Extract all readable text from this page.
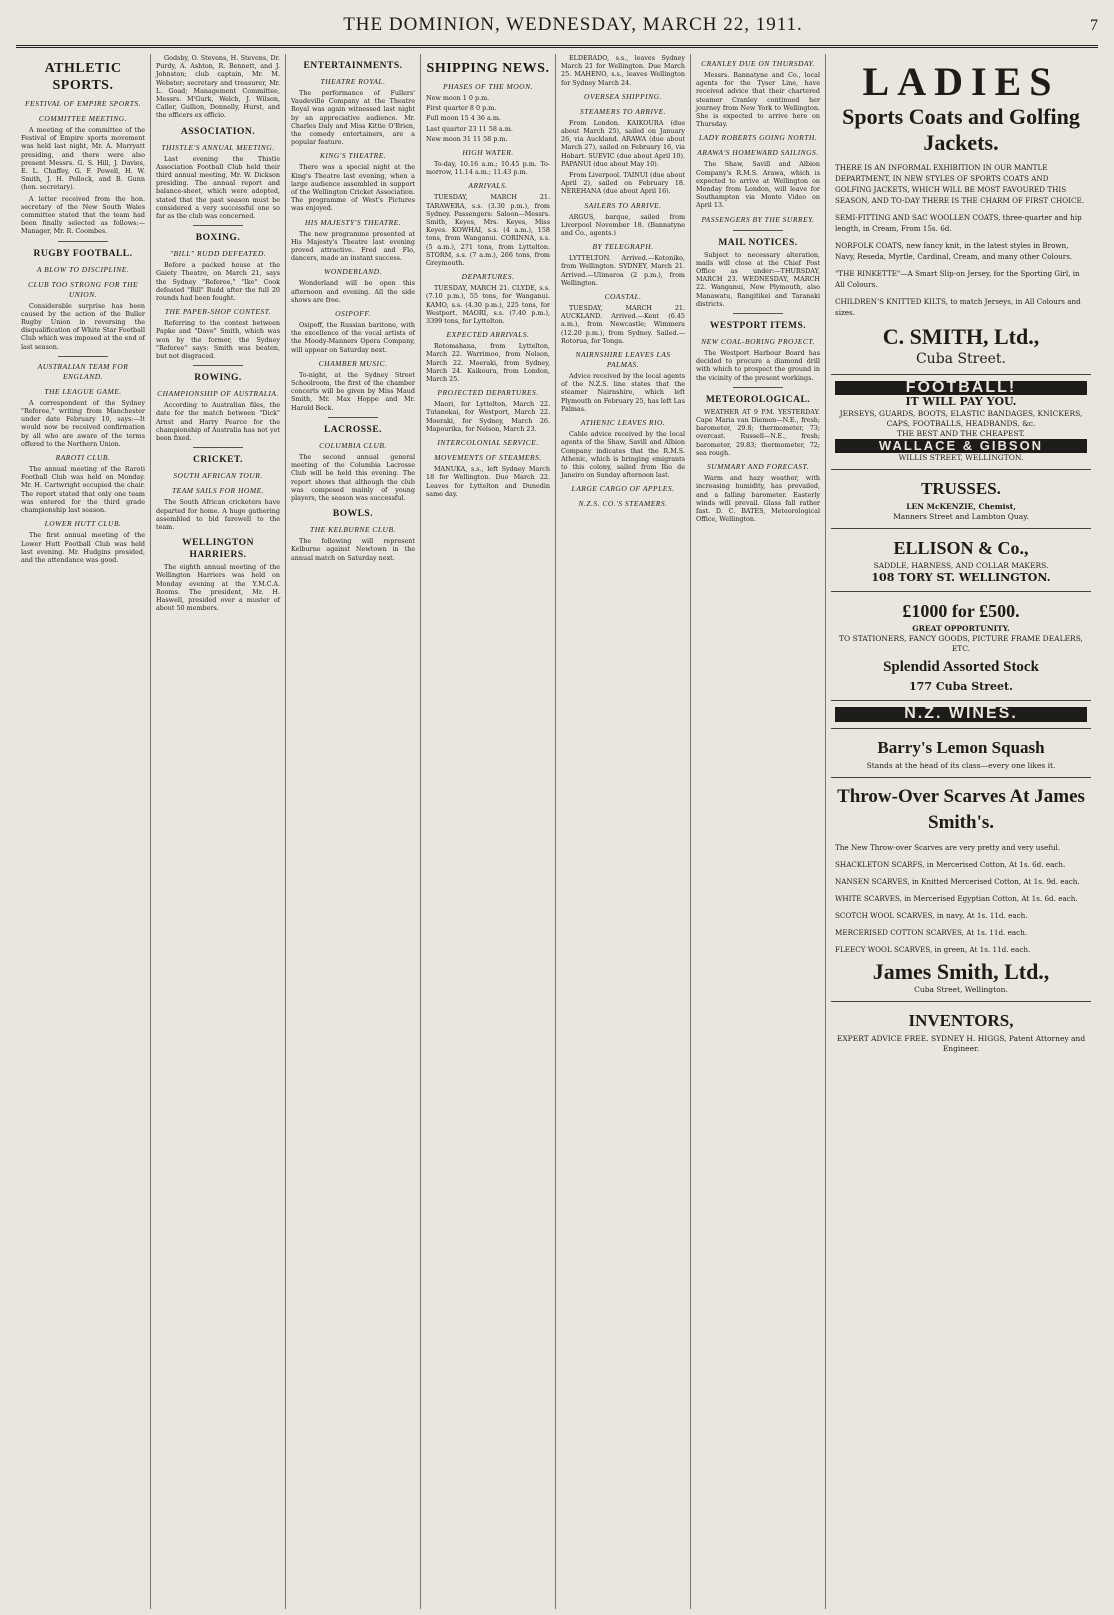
THE DOMINION, WEDNESDAY, MARCH 22, 1911.	7
ATHLETIC SPORTS.
FESTIVAL OF EMPIRE SPORTS.
COMMITTEE MEETING.

A meeting of the committee of the Festival of Empire sports movement was held last night, Mr. A. Marryatt presiding, and there were also present Messrs. G. S. Hill, J. Davies, E. L. Chaffey, G. F. Powell, H. W. Smith, J. H. Pollock, and B. Gunn (hon. secretary).

A letter received from the hon. secretary of the New South Wales committee stated that the team had been finally selected as follows:—Manager, Mr. R. Coombes.

RUGBY FOOTBALL.
A BLOW TO DISCIPLINE.
CLUB TOO STRONG FOR THE UNION.

Considerable surprise has been caused by the action of the Buller Rugby Union in reversing the disqualification of White Star Football Club which was imposed at the end of last season.

AUSTRALIAN TEAM FOR ENGLAND.
THE LEAGUE GAME.

A correspondent of the Sydney "Referee," writing from Manchester under date February 10, says:—It would now be received confirmation by all who are aware of the terms offered to the Northern Union.

RAROTI CLUB.

The annual meeting of the Raroti Football Club was held on Monday. Mr. H. Cartwright occupied the chair. The report stated that only one team was entered for the third grade championship last season.

LOWER HUTT CLUB.

The first annual meeting of the Lower Hutt Football Club was held last evening. Mr. Hudgins presided, and the attendance was good.

Godsby, O. Stevens, H. Stevens, Dr. Purdy, A. Ashton, R. Bennett, and J. Johnston; club captain, Mr. M. Webster; secretary and treasurer, Mr. L. Goad; Management Committee, Messrs. M'Gurk, Welch, J. Wilson, Caller, Gullion, Donnelly, Hurst, and the officers ex officio.

ASSOCIATION.
THISTLE'S ANNUAL MEETING.

Last evening the Thistle Association Football Club held their third annual meeting, Mr. W. Dickson presiding. The annual report and balance-sheet, which were adopted, stated that the past season must be considered a very successful one so far as the club was concerned.

BOXING.
"BILL" RUDD DEFEATED.

Before a packed house at the Gaiety Theatre, on March 21, says the Sydney "Referee," "Ike" Cook defeated "Bill" Rudd after the full 20 rounds had been fought.

THE PAPER-SHOP CONTEST.

Referring to the contest between Papke and "Dave" Smith, which was won by the former, the Sydney "Referee" says: Smith was beaten, but not disgraced.

ROWING.
CHAMPIONSHIP OF AUSTRALIA.

According to Australian files, the date for the match between "Dick" Arnst and Harry Pearce for the championship of Australia has not yet been fixed.

CRICKET.
SOUTH AFRICAN TOUR.
TEAM SAILS FOR HOME.

The South African cricketers have departed for home. A huge gathering assembled to bid farewell to the team.

WELLINGTON HARRIERS.

The eighth annual meeting of the Wellington Harriers was held on Monday evening at the Y.M.C.A. Rooms. The president, Mr. H. Haswell, presided over a muster of about 50 members.

ENTERTAINMENTS.
THEATRE ROYAL.

The performance of Fullers' Vaudeville Company at the Theatre Royal was again witnessed last night by an appreciative audience. Mr. Charles Daly and Miss Kittie O'Brien, the comedy entertainers, are a popular feature.

KING'S THEATRE.

There was a special night at the King's Theatre last evening, when a large audience assembled in support of the Wellington Cricket Association. The programme of West's Pictures was enjoyed.

HIS MAJESTY'S THEATRE.

The new programme presented at His Majesty's Theatre last evening proved attractive. Fred and Flo, dancers, made an instant success.

WONDERLAND.

Wonderland will be open this afternoon and evening. All the side shows are free.

OSIPOFF.

Osipoff, the Russian baritone, with the excellence of the vocal artists of the Moody-Manners Opera Company, will appear on Saturday next.

CHAMBER MUSIC.

To-night, at the Sydney Street Schoolroom, the first of the chamber concerts will be given by Miss Maud Smith, Mr. Max Hoppe and Mr. Harold Beck.

LACROSSE.
COLUMBIA CLUB.

The second annual general meeting of the Columbia Lacrosse Club will be held this evening. The report shows that although the club was composed mainly of young players, the season was successful.

BOWLS.
THE KELBURNE CLUB.

The following will represent Kelburne against Newtown in the annual match on Saturday next.

SHIPPING NEWS.
PHASES OF THE MOON.

New moon 1 0 p.m.

First quarter 8 0 p.m.

Full moon 15 4 36 a.m.

Last quarter 23 11 58 a.m.

New moon 31 11 58 p.m.

HIGH WATER.

To-day, 10.16 a.m.; 10.45 p.m. To-morrow, 11.14 a.m.; 11.43 p.m.

ARRIVALS.

TUESDAY, MARCH 21. TARAWERA, s.s. (3.30 p.m.), from Sydney. Passengers: Saloon—Messrs. Smith, Keyes, Mrs. Keyes, Miss Keyes. KOWHAI, s.s. (4 a.m.), 158 tons, from Wanganui. CORINNA, s.s. (5 a.m.), 271 tons, from Lyttelton. STORM, s.s. (7 a.m.), 266 tons, from Greymouth.

DEPARTURES.

TUESDAY, MARCH 21. CLYDE, s.s. (7.10 p.m.), 55 tons, for Wanganui. KAMO, s.s. (4.30 p.m.), 225 tons, for Westport. MAORI, s.s. (7.40 p.m.), 3399 tons, for Lyttelton.

EXPECTED ARRIVALS.

Rotomahana, from Lyttelton, March 22. Warrimoo, from Nelson, March 22. Moeraki, from Sydney, March 24. Kaikoura, from London, March 25.

PROJECTED DEPARTURES.

Maori, for Lyttelton, March 22. Tutanekai, for Westport, March 22. Moeraki, for Sydney, March 26. Mapourika, for Nelson, March 23.

INTERCOLONIAL SERVICE.
MOVEMENTS OF STEAMERS.

MANUKA, s.s., left Sydney March 18 for Wellington. Due March 22. Leaves for Lyttelton and Dunedin same day.

ELDERADO, s.s., leaves Sydney March 21 for Wellington. Due March 25. MAHENO, s.s., leaves Wellington for Sydney March 24.

OVERSEA SHIPPING.
STEAMERS TO ARRIVE.

From London. KAIKOURA (due about March 25), sailed on January 26, via Auckland. ARAWA (due about March 27), sailed on February 16, via Hobart. SUEVIC (due about April 10). PAPANUI (due about May 10).

From Liverpool. TAINUI (due about April 2), sailed on February 18. NEREHANA (due about April 16).

SAILERS TO ARRIVE.

ARGUS, barque, sailed from Liverpool November 18. (Bannatyne and Co., agents.)

BY TELEGRAPH.

LYTTELTON. Arrived.—Kotoniko, from Wellington. SYDNEY, March 21. Arrived.—Ulimaroa (2 p.m.), from Wellington.

COASTAL.

TUESDAY, MARCH 21. AUCKLAND. Arrived.—Kent (6.45 a.m.), from Newcastle; Wimmera (12.20 p.m.), from Sydney. Sailed.—Rotorua, for Tonga.

NAIRNSHIRE LEAVES LAS PALMAS.

Advice received by the local agents of the N.Z.S. line states that the steamer Nairnshire, which left Plymouth on February 25, has left Las Palmas.

ATHENIC LEAVES RIO.

Cable advice received by the local agents of the Shaw, Savill and Albion Company indicates that the R.M.S. Athenic, which is bringing emigrants to this colony, sailed from Rio de Janeiro on Sunday afternoon last.

LARGE CARGO OF APPLES.
N.Z.S. CO.'S STEAMERS.
CRANLEY DUE ON THURSDAY.

Messrs. Bannatyne and Co., local agents for the Tyser Line, have received advice that their chartered steamer Cranley continued her journey from New York to Wellington. She is expected to arrive here on Thursday.

LADY ROBERTS GOING NORTH.
ARAWA'S HOMEWARD SAILINGS.

The Shaw, Savill and Albion Company's R.M.S. Arawa, which is expected to arrive at Wellington on Monday from London, will leave for Southampton via Monte Video on April 13.

PASSENGERS BY THE SURREY.
MAIL NOTICES.

Subject to necessary alteration, mails will close at the Chief Post Office as under:—THURSDAY, MARCH 23. WEDNESDAY, MARCH 22. Wanganui, New Plymouth, also Manawatu, Rangitikei and Taranaki districts.

WESTPORT ITEMS.
NEW COAL-BORING PROJECT.

The Westport Harbour Board has decided to procure a diamond drill with which to prospect the ground in the vicinity of the present workings.

METEOROLOGICAL.

WEATHER AT 9 P.M. YESTERDAY. Cape Maria van Diemen—N.E., fresh; barometer, 29.8; thermometer, 73; overcast. Russell—N.E., fresh; barometer, 29.83; thermometer, 72; sea rough.

SUMMARY AND FORECAST.

Warm and hazy weather, with increasing humidity, has prevailed, and a falling barometer. Easterly winds will prevail. Glass fall rather fast. D. C. BATES, Meteorological Office, Wellington.

LADIES
Sports Coats and Golfing Jackets.
THERE IS AN INFORMAL EXHIBITION IN OUR MANTLE DEPARTMENT, IN NEW STYLES OF SPORTS COATS AND GOLFING JACKETS, WHICH WILL BE MOST FAVOURED THIS SEASON, AND TO-DAY THERE IS THE CHARM OF FIRST CHOICE.
SEMI-FITTING AND SAC WOOLLEN COATS, three-quarter and hip length, in Cream, From 15s. 6d.
NORFOLK COATS, new fancy knit, in the latest styles in Brown, Navy, Reseda, Myrtle, Cardinal, Cream, and many other Colours.
"THE RINKETTE"—A Smart Slip-on Jersey, for the Sporting Girl, in All Colours.
CHILDREN'S KNITTED KILTS, to match Jerseys, in All Colours and sizes.
C. SMITH, Ltd.,
Cuba Street.
FOOTBALL!
IT WILL PAY YOU.
JERSEYS, GUARDS, BOOTS, ELASTIC BANDAGES, KNICKERS, CAPS, FOOTBALLS, HEADBANDS, &c.
THE BEST AND THE CHEAPEST.
WALLACE & GIBSON
WILLIS STREET, WELLINGTON.
TRUSSES.
LEN McKENZIE, Chemist,
Manners Street and Lambton Quay.
ELLISON & Co.,
SADDLE, HARNESS, AND COLLAR MAKERS.
108 TORY ST. WELLINGTON.
£1000 for £500.
GREAT OPPORTUNITY.
TO STATIONERS, FANCY GOODS, PICTURE FRAME DEALERS, ETC.
Splendid Assorted Stock
177 Cuba Street.
N.Z. WINES.
Barry's Lemon Squash
Stands at the head of its class—every one likes it.
Throw-Over Scarves At James Smith's.
The New Throw-over Scarves are very pretty and very useful.
SHACKLETON SCARFS, in Mercerised Cotton, At 1s. 6d. each.
NANSEN SCARVES, in Knitted Mercerised Cotton, At 1s. 9d. each.
WHITE SCARVES, in Mercerised Egyptian Cotton, At 1s. 6d. each.
SCOTCH WOOL SCARVES, in navy, At 1s. 11d. each.
MERCERISED COTTON SCARVES, At 1s. 11d. each.
FLEECY WOOL SCARVES, in green, At 1s. 11d. each.
James Smith, Ltd.,
Cuba Street, Wellington.
INVENTORS,
EXPERT ADVICE FREE. SYDNEY H. HIGGS, Patent Attorney and Engineer.
